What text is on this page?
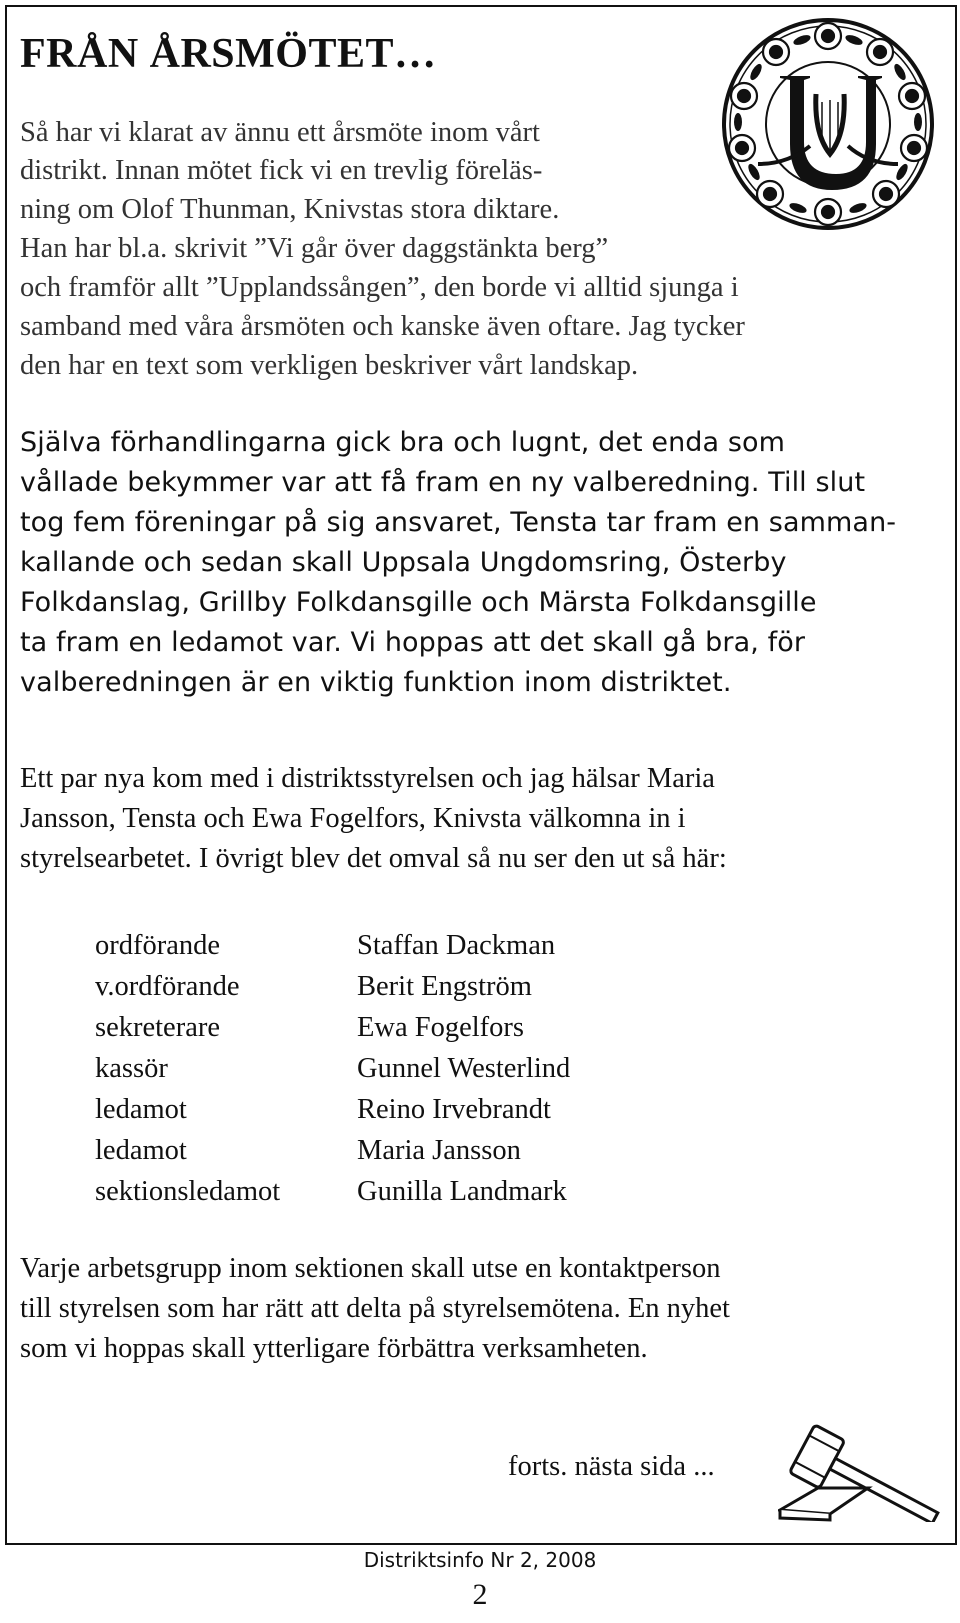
FRÅN ÅRSMÖTET…
Så har vi klarat av ännu ett årsmöte inom vårt
distrikt. Innan mötet fick vi en trevlig föreläs-
ning om Olof Thunman, Knivstas stora diktare.
Han har bl.a. skrivit ”Vi går över daggstänkta berg”
och framför allt ”Upplandssången”, den borde vi alltid sjunga i
samband med våra årsmöten och kanske även oftare. Jag tycker
den har en text som verkligen beskriver vårt landskap.
Själva förhandlingarna gick bra och lugnt, det enda som
vållade bekymmer var att få fram en ny valberedning. Till slut
tog fem föreningar på sig ansvaret, Tensta tar fram en samman-
kallande och sedan skall Uppsala Ungdomsring, Österby
Folkdanslag, Grillby Folkdansgille och Märsta Folkdansgille
ta fram en ledamot var. Vi hoppas att det skall gå bra, för
valberedningen är en viktig funktion inom distriktet.
Ett par nya kom med i distriktsstyrelsen och jag hälsar Maria
Jansson, Tensta och Ewa Fogelfors, Knivsta välkomna in i
styrelsearbetet. I övrigt blev det omval så nu ser den ut så här:
ordförande	Staffan Dackman
v.ordförande	Berit Engström
sekreterare	Ewa Fogelfors
kassör	Gunnel Westerlind
ledamot	Reino Irvebrandt
ledamot	Maria Jansson
sektionsledamot	Gunilla Landmark
Varje arbetsgrupp inom sektionen skall utse en kontaktperson
till styrelsen som har rätt att delta på styrelsemötena. En nyhet
som vi hoppas skall ytterligare förbättra verksamheten.
forts. nästa sida ...
Distriktsinfo Nr 2, 2008
2
